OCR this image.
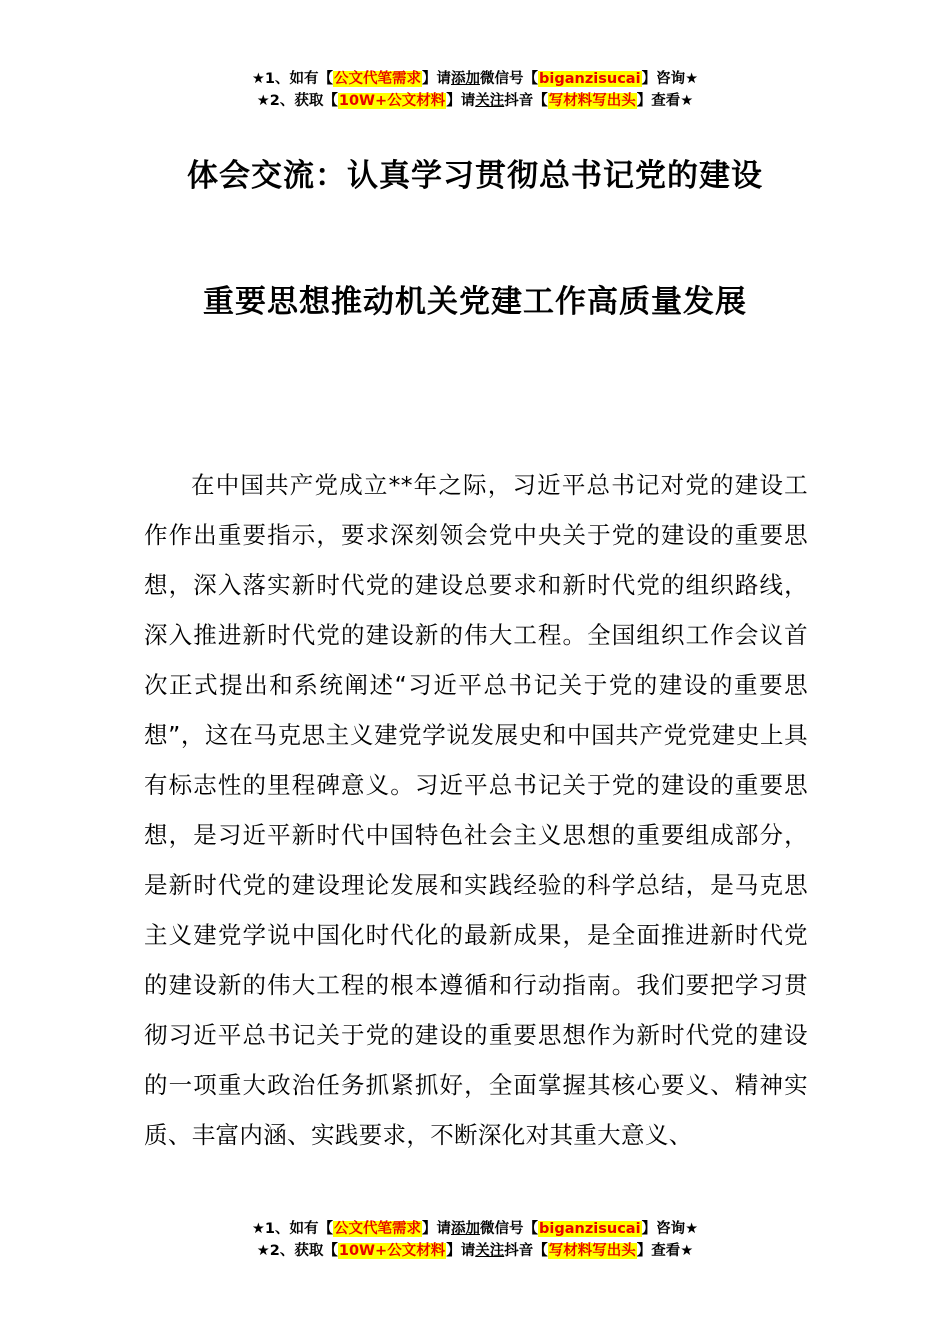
★1、如有【公文代笔需求】请添加微信号【biganzisucai】咨询★
★2、获取【10W+公文材料】请关注抖音【写材料写出头】查看★
体会交流：认真学习贯彻总书记党的建设
重要思想推动机关党建工作高质量发展

在中国共产党成立**年之际，习近平总书记对党的建设工作作出重要指示，要求深刻领会党中央关于党的建设的重要思想，深入落实新时代党的建设总要求和新时代党的组织路线，深入推进新时代党的建设新的伟大工程。全国组织工作会议首次正式提出和系统阐述“习近平总书记关于党的建设的重要思想”，这在马克思主义建党学说发展史和中国共产党党建史上具有标志性的里程碑意义。习近平总书记关于党的建设的重要思想，是习近平新时代中国特色社会主义思想的重要组成部分，是新时代党的建设理论发展和实践经验的科学总结，是马克思主义建党学说中国化时代化的最新成果，是全面推进新时代党的建设新的伟大工程的根本遵循和行动指南。我们要把学习贯彻习近平总书记关于党的建设的重要思想作为新时代党的建设的一项重大政治任务抓紧抓好，全面掌握其核心要义、精神实质、丰富内涵、实践要求，不断深化对其重大意义、

★1、如有【公文代笔需求】请添加微信号【biganzisucai】咨询★
★2、获取【10W+公文材料】请关注抖音【写材料写出头】查看★
